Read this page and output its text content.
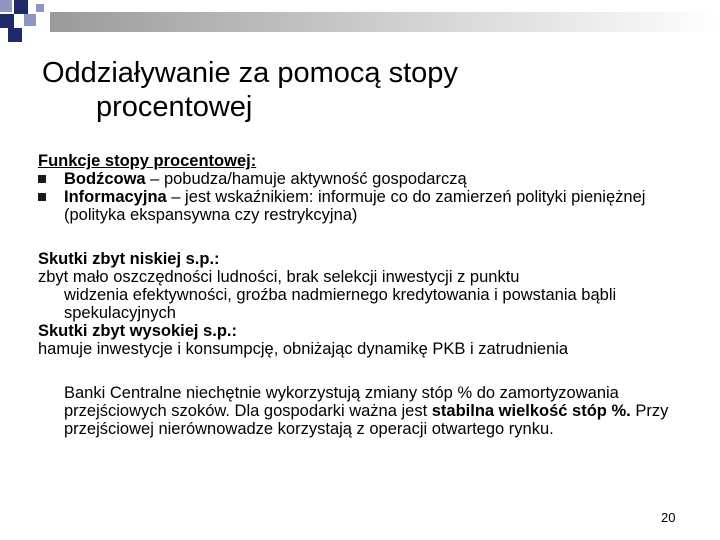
Oddziaływanie za pomocą stopy
procentowej
Funkcje stopy procentowej:
Bodźcowa – pobudza/hamuje aktywność gospodarczą
Informacyjna – jest wskaźnikiem: informuje co do zamierzeń polityki pieniężnej (polityka ekspansywna czy restrykcyjna)
Skutki zbyt niskiej s.p.:
zbyt mało oszczędności ludności, brak selekcji inwestycji z punktu
widzenia efektywności, groźba nadmiernego kredytowania i powstania bąbli spekulacyjnych
Skutki zbyt wysokiej s.p.:
hamuje inwestycje i konsumpcję, obniżając dynamikę PKB i zatrudnienia
Banki Centralne niechętnie wykorzystują zmiany stóp % do zamortyzowania przejściowych szoków. Dla gospodarki ważna jest stabilna wielkość stóp %. Przy przejściowej nierównowadze korzystają z operacji otwartego rynku.
20
